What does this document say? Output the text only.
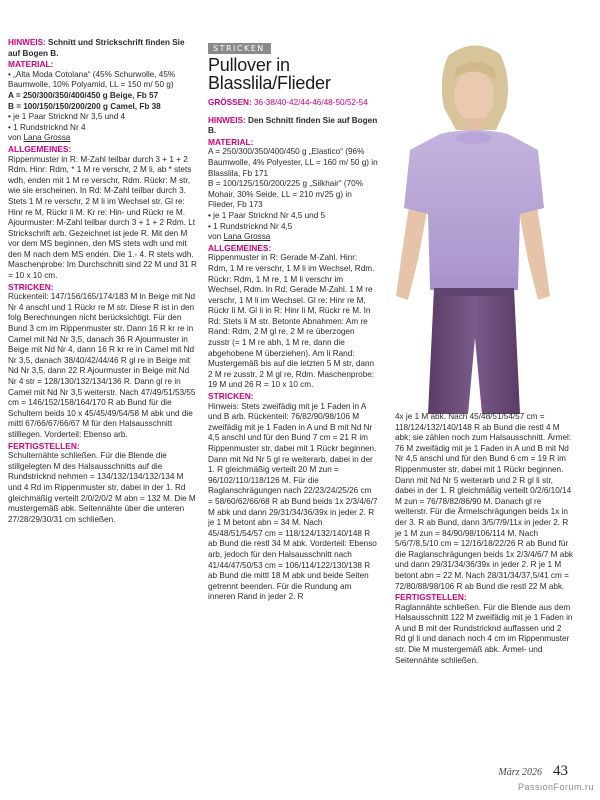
HINWEIS: Schnitt und Strickschrift finden Sie auf Bogen B.

MATERIAL:

• „Alta Moda Cotolana“ (45% Schurwolle, 45% Baumwolle, 10% Polyamid, LL = 150 m/ 50 g)

A = 250/300/350/400/450 g Beige, Fb 57

B = 100/150/150/200/200 g Camel, Fb 38

• je 1 Paar Stricknd Nr 3,5 und 4

• 1 Rundstricknd Nr 4

von Lana Grossa

ALLGEMEINES:

Rippenmuster in R: M-Zahl teilbar durch 3 + 1 + 2 Rdm. Hinr: Rdm, * 1 M re verschr, 2 M li, ab * stets wdh, enden mit 1 M re verschr, Rdm. Rückr: M str, wie sie erscheinen. In Rd: M-Zahl teilbar durch 3. Stets 1 M re verschr, 2 M li im Wechsel str. Gl re: Hinr re M, Rückr li M. Kr re: Hin- und Rückr re M. Ajourmuster: M-Zahl teilbar durch 3 + 1 + 2 Rdm. Lt Strickschrift arb. Gezeichnet ist jede R. Mit den M vor dem MS beginnen, den MS stets wdh und mit den M nach dem MS enden. Die 1.- 4. R stets wdh. Maschenprobe: Im Durchschnitt sind 22 M und 31 R = 10 x 10 cm.

STRICKEN:

Rückenteil: 147/156/165/174/183 M in Beige mit Nd Nr 4 anschl und 1 Rückr re M str. Diese R ist in den folg Berechnungen nicht berücksichtigt. Für den Bund 3 cm im Rippenmuster str. Dann 16 R kr re in Camel mit Nd Nr 3,5, danach 36 R Ajourmuster in Beige mit Nd Nr 4, dann 16 R kr re in Camel mit Nd Nr 3,5, danach 38/40/42/44/46 R gl re in Beige mit Nd Nr 3,5, dann 22 R Ajourmuster in Beige mit Nd Nr 4 str = 128/130/132/134/136 R. Dann gl re in Camel mit Nd Nr 3,5 weiterstr. Nach 47/49/51/53/55 cm = 146/152/158/164/170 R ab Bund für die Schultern beids 10 x 45/45/49/54/58 M abk und die mittl 67/66/67/66/67 M für den Halsausschnitt stilllegen. Vorderteil: Ebenso arb.

FERTIGSTELLEN:

Schulternähte schließen. Für die Blende die stillgelegten M des Halsausschnitts auf die Rundstricknd nehmen = 134/132/134/132/134 M und 4 Rd im Rippenmuster str, dabei in der 1. Rd gleichmäßig verteilt 2/0/2/0/2 M abn = 132 M. Die M mustergemäß abk. Seitennähte über die unteren 27/28/29/30/31 cm schließen.

STRICKEN
Pullover in
Blasslila/Flieder

GRÖSSEN: 36-38/40-42/44-46/48-50/52-54

HINWEIS: Den Schnitt finden Sie auf Bogen B.

MATERIAL:

A = 250/300/350/400/450 g „Elastico“ (96% Baumwolle, 4% Polyester, LL = 160 m/ 50 g) in Blasslila, Fb 171

B = 100/125/150/200/225 g „Silkhair“ (70% Mohair, 30% Seide, LL = 210 m/25 g) in Flieder, Fb 173

• je 1 Paar Stricknd Nr 4,5 und 5

• 1 Rundstricknd Nr 4,5

von Lana Grossa

ALLGEMEINES:

Rippenmuster in R: Gerade M-Zahl. Hinr: Rdm, 1 M re verschr, 1 M li im Wechsel, Rdm. Rückr: Rdm, 1 M re, 1 M li verschr im Wechsel, Rdm. In Rd: Gerade M-Zahl. 1 M re verschr, 1 M li im Wechsel. Gl re: Hinr re M, Rückr li M. Gl li in R: Hinr li M, Rückr re M. In Rd: Stets li M str. Betonte Abnahmen: Am re Rand: Rdm, 2 M gl re, 2 M re überzogen zusstr (= 1 M re abh, 1 M re, dann die abgehobene M überziehen). Am li Rand: Mustergemäß bis auf die letzten 5 M str, dann 2 M re zusstr, 2 M gl re, Rdm. Maschenprobe: 19 M und 26 R = 10 x 10 cm.

STRICKEN:

Hinweis: Stets zweifädig mit je 1 Faden in A und B arb. Rückenteil: 76/82/90/98/106 M zweifädig mit je 1 Faden in A und B mit Nd Nr 4,5 anschl und für den Bund 7 cm = 21 R im Rippenmuster str, dabei mit 1 Rückr beginnen. Dann mit Nd Nr 5 gl re weiterarb, dabei in der 1. R gleichmäßig verteilt 20 M zun = 96/102/110/118/126 M. Für die Raglanschrägungen nach 22/23/24/25/26 cm = 58/60/62/66/68 R ab Bund beids 1x 2/3/4/6/7 M abk und dann 29/31/34/36/39x in jeder 2. R je 1 M betont abn = 34 M. Nach 45/48/51/54/57 cm = 118/124/132/140/148 R ab Bund die restl 34 M abk. Vorderteil: Ebenso arb, jedoch für den Halsausschnitt nach 41/44/47/50/53 cm = 106/114/122/130/138 R ab Bund die mittl 18 M abk und beide Seiten getrennt beenden. Für die Rundung am inneren Rand in jeder 2. R

4x je 1 M abk. Nach 45/48/51/54/57 cm = 118/124/132/140/148 R ab Bund die restl 4 M abk; sie zählen noch zum Halsausschnitt. Ärmel: 76 M zweifädig mit je 1 Faden in A und B mit Nd Nr 4,5 anschl und für den Bund 6 cm = 19 R im Rippenmuster str, dabei mit 1 Rückr beginnen. Dann mit Nd Nr 5 weiterarb und 2 R gl li str, dabei in der 1. R gleichmäßig verteilt 0/2/6/10/14 M zun = 76/78/82/86/90 M. Danach gl re weiterstr. Für die Ärmelschrägungen beids 1x in der 3. R ab Bund, dann 3/5/7/9/11x in jeder 2. R je 1 M zun = 84/90/98/106/114 M. Nach 5/6/7/8,5/10 cm = 12/16/18/22/26 R ab Bund für die Raglanschrägungen beids 1x 2/3/4/6/7 M abk und dann 29/31/34/36/39x in jeder 2. R je 1 M betont abn = 22 M. Nach 28/31/34/37,5/41 cm = 72/80/88/98/106 R ab Bund die restl 22 M abk.

FERTIGSTELLEN:

Raglannähte schließen. Für die Blende aus dem Halsausschnitt 122 M zweifädig mit je 1 Faden in A und B mit der Rundstricknd auffassen und 2 Rd gl li und danach noch 4 cm im Rippenmuster str. Die M mustergemäß abk. Ärmel- und Seitennähte schließen.

März 2026 43
PassionForum.ru
